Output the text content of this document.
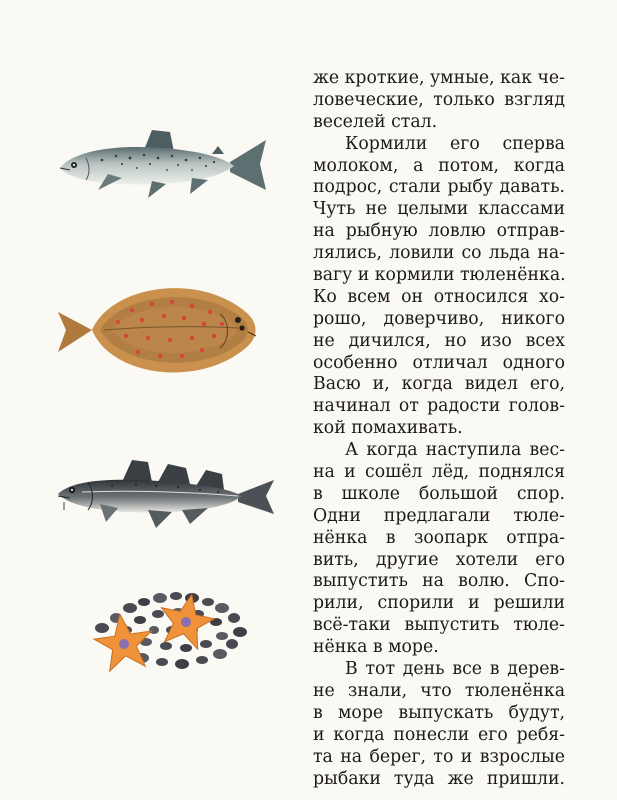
же кроткие, умные, как че-
ловеческие, только взгляд
веселей стал.
Кормили его сперва
молоком, а потом, когда
подрос, стали рыбу давать.
Чуть не целыми классами
на рыбную ловлю отправ-
лялись, ловили со льда на-
вагу и кормили тюленёнка.
Ко всем он относился хо-
рошо, доверчиво, никого
не дичился, но изо всех
особенно отличал одного
Васю и, когда видел его,
начинал от радости голов-
кой помахивать.
А когда наступила вес-
на и сошёл лёд, поднялся
в школе большой спор.
Одни предлагали тюле-
нёнка в зоопарк отпра-
вить, другие хотели его
выпустить на волю. Спо-
рили, спорили и решили
всё-таки выпустить тюле-
нёнка в море.
В тот день все в дерев-
не знали, что тюленёнка
в море выпускать будут,
и когда понесли его ребя-
та на берег, то и взрослые
рыбаки туда же пришли.
